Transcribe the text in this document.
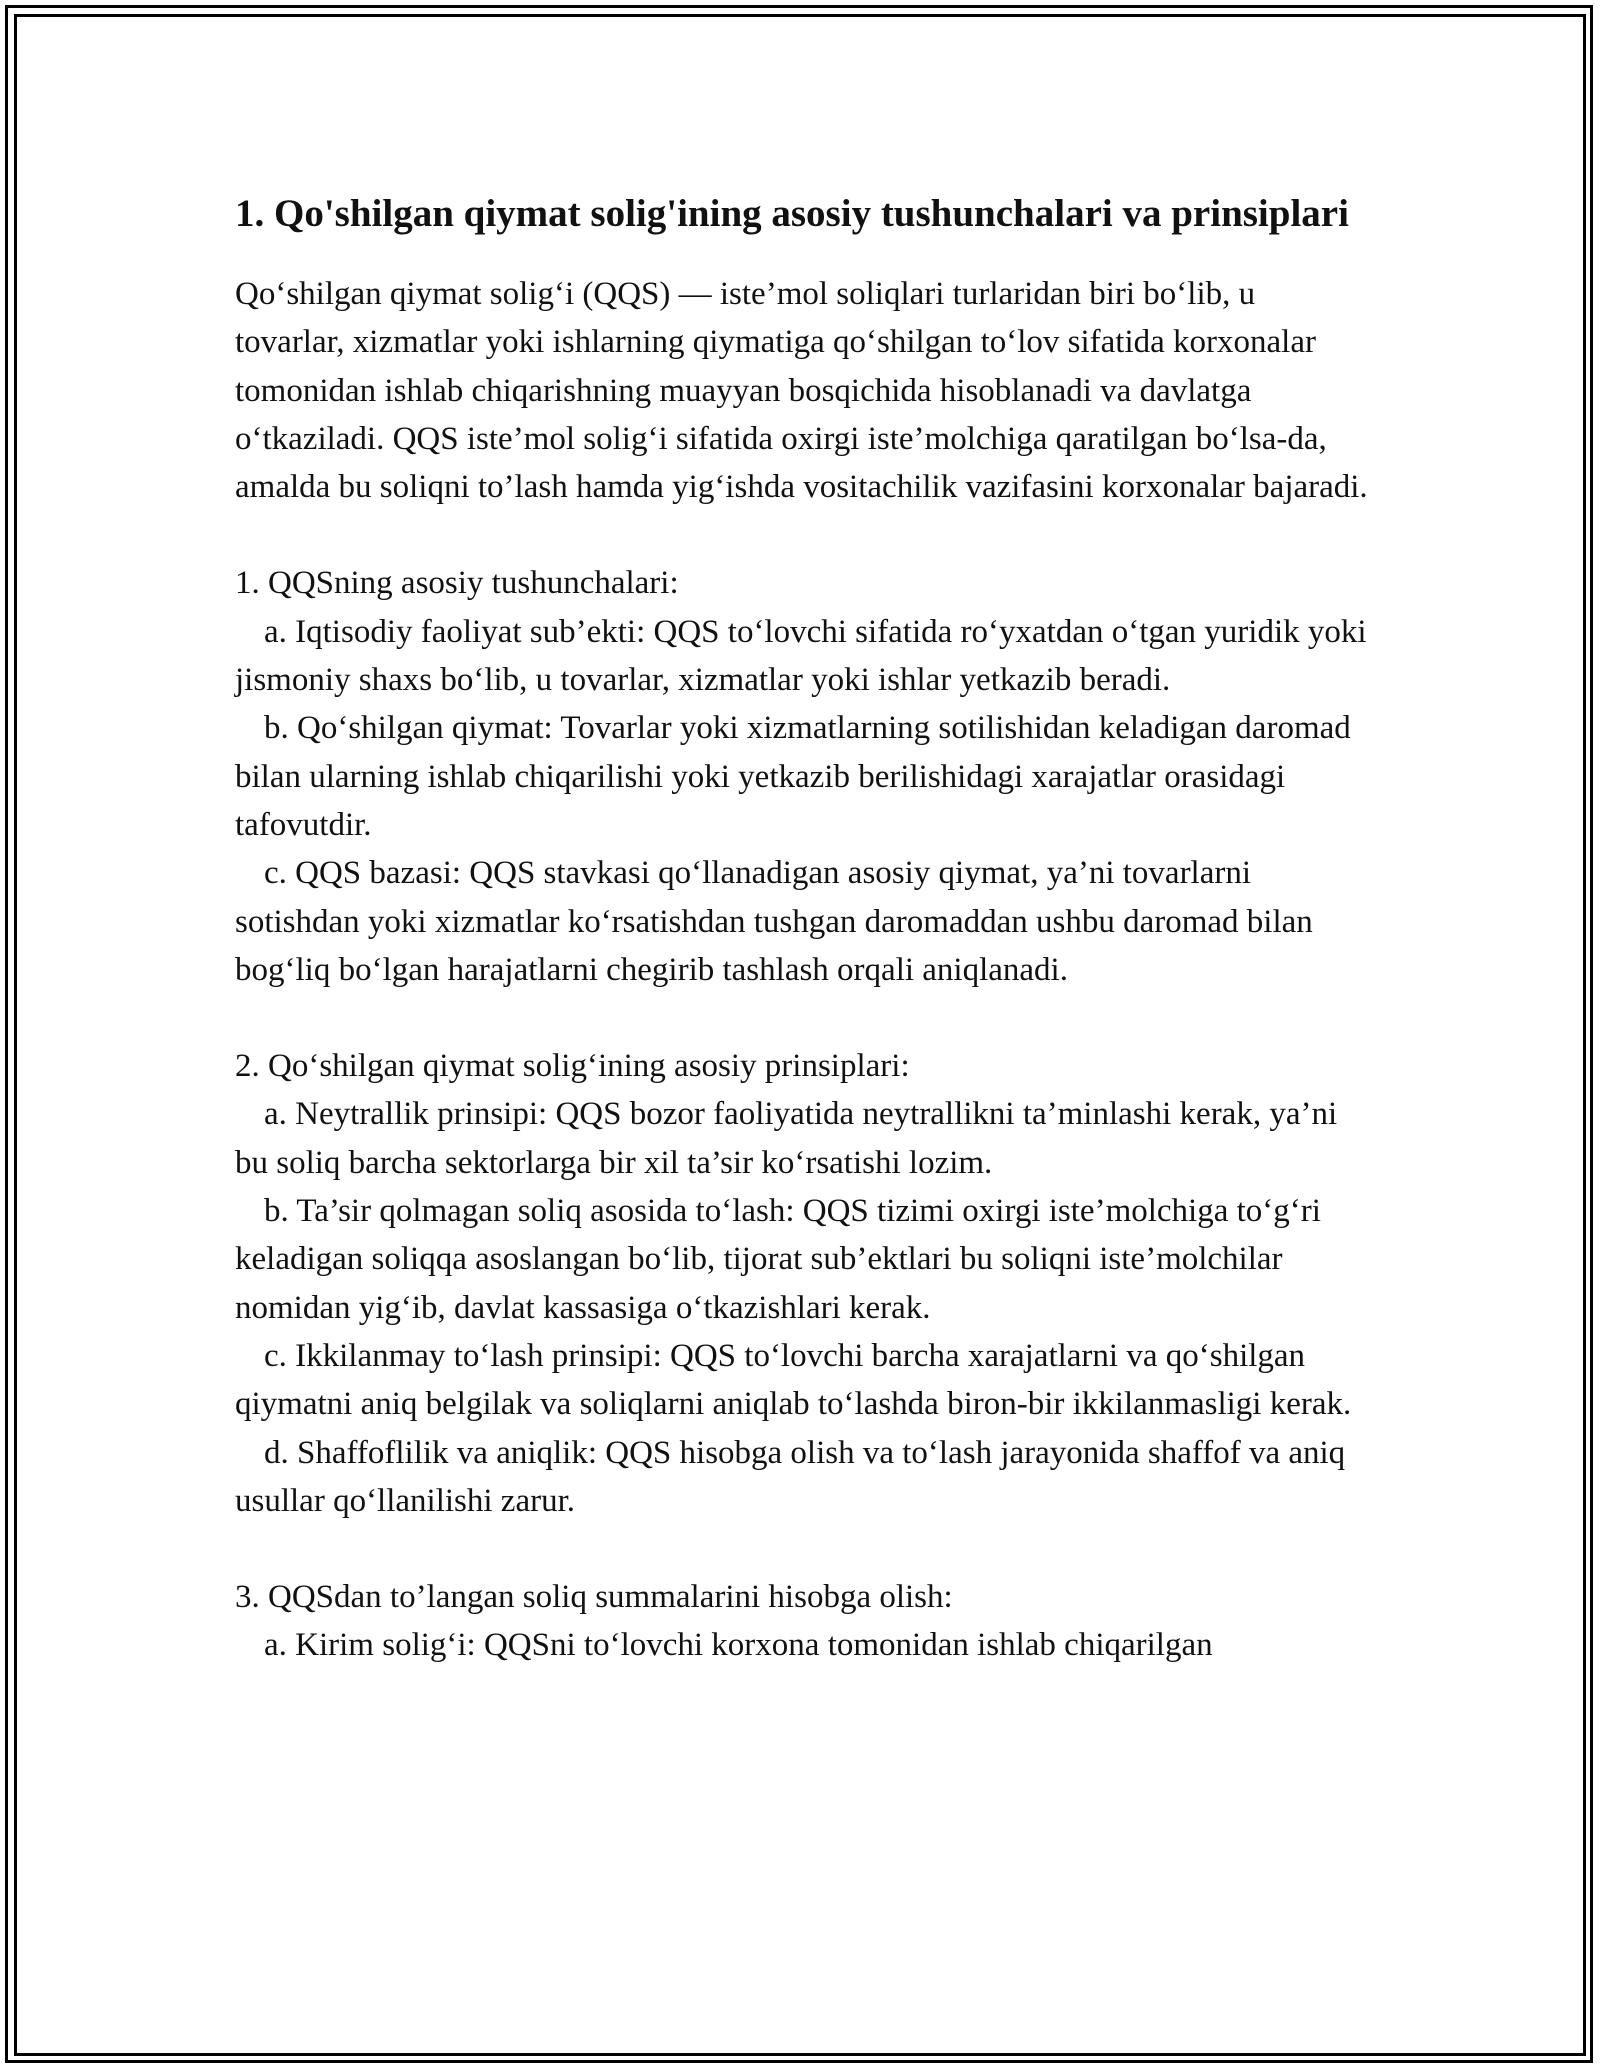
1. Qo'shilgan qiymat solig'ining asosiy tushunchalari va prinsiplari

Qo‘shilgan qiymat solig‘i (QQS) — iste’mol soliqlari turlaridan biri bo‘lib, u tovarlar, xizmatlar yoki ishlarning qiymatiga qo‘shilgan to‘lov sifatida korxonalar tomonidan ishlab chiqarishning muayyan bosqichida hisoblanadi va davlatga o‘tkaziladi. QQS iste’mol solig‘i sifatida oxirgi iste’molchiga qaratilgan bo‘lsa-da, amalda bu soliqni to’lash hamda yig‘ishda vositachilik vazifasini korxonalar bajaradi.

1. QQSning asosiy tushunchalari:

a. Iqtisodiy faoliyat sub’ekti: QQS to‘lovchi sifatida ro‘yxatdan o‘tgan yuridik yoki jismoniy shaxs bo‘lib, u tovarlar, xizmatlar yoki ishlar yetkazib beradi.

b. Qo‘shilgan qiymat: Tovarlar yoki xizmatlarning sotilishidan keladigan daromad bilan ularning ishlab chiqarilishi yoki yetkazib berilishidagi xarajatlar orasidagi tafovutdir.

c. QQS bazasi: QQS stavkasi qo‘llanadigan asosiy qiymat, ya’ni tovarlarni sotishdan yoki xizmatlar ko‘rsatishdan tushgan daromaddan ushbu daromad bilan bog‘liq bo‘lgan harajatlarni chegirib tashlash orqali aniqlanadi.

2. Qo‘shilgan qiymat solig‘ining asosiy prinsiplari:

a. Neytrallik prinsipi: QQS bozor faoliyatida neytrallikni ta’minlashi kerak, ya’ni bu soliq barcha sektorlarga bir xil ta’sir ko‘rsatishi lozim.

b. Ta’sir qolmagan soliq asosida to‘lash: QQS tizimi oxirgi iste’molchiga to‘g‘ri keladigan soliqqa asoslangan bo‘lib, tijorat sub’ektlari bu soliqni iste’molchilar nomidan yig‘ib, davlat kassasiga o‘tkazishlari kerak.

c. Ikkilanmay to‘lash prinsipi: QQS to‘lovchi barcha xarajatlarni va qo‘shilgan qiymatni aniq belgilak va soliqlarni aniqlab to‘lashda biron-bir ikkilanmasligi kerak.

d. Shaffoflilik va aniqlik: QQS hisobga olish va to‘lash jarayonida shaffof va aniq usullar qo‘llanilishi zarur.

3. QQSdan to’langan soliq summalarini hisobga olish:

a. Kirim solig‘i: QQSni to‘lovchi korxona tomonidan ishlab chiqarilgan
